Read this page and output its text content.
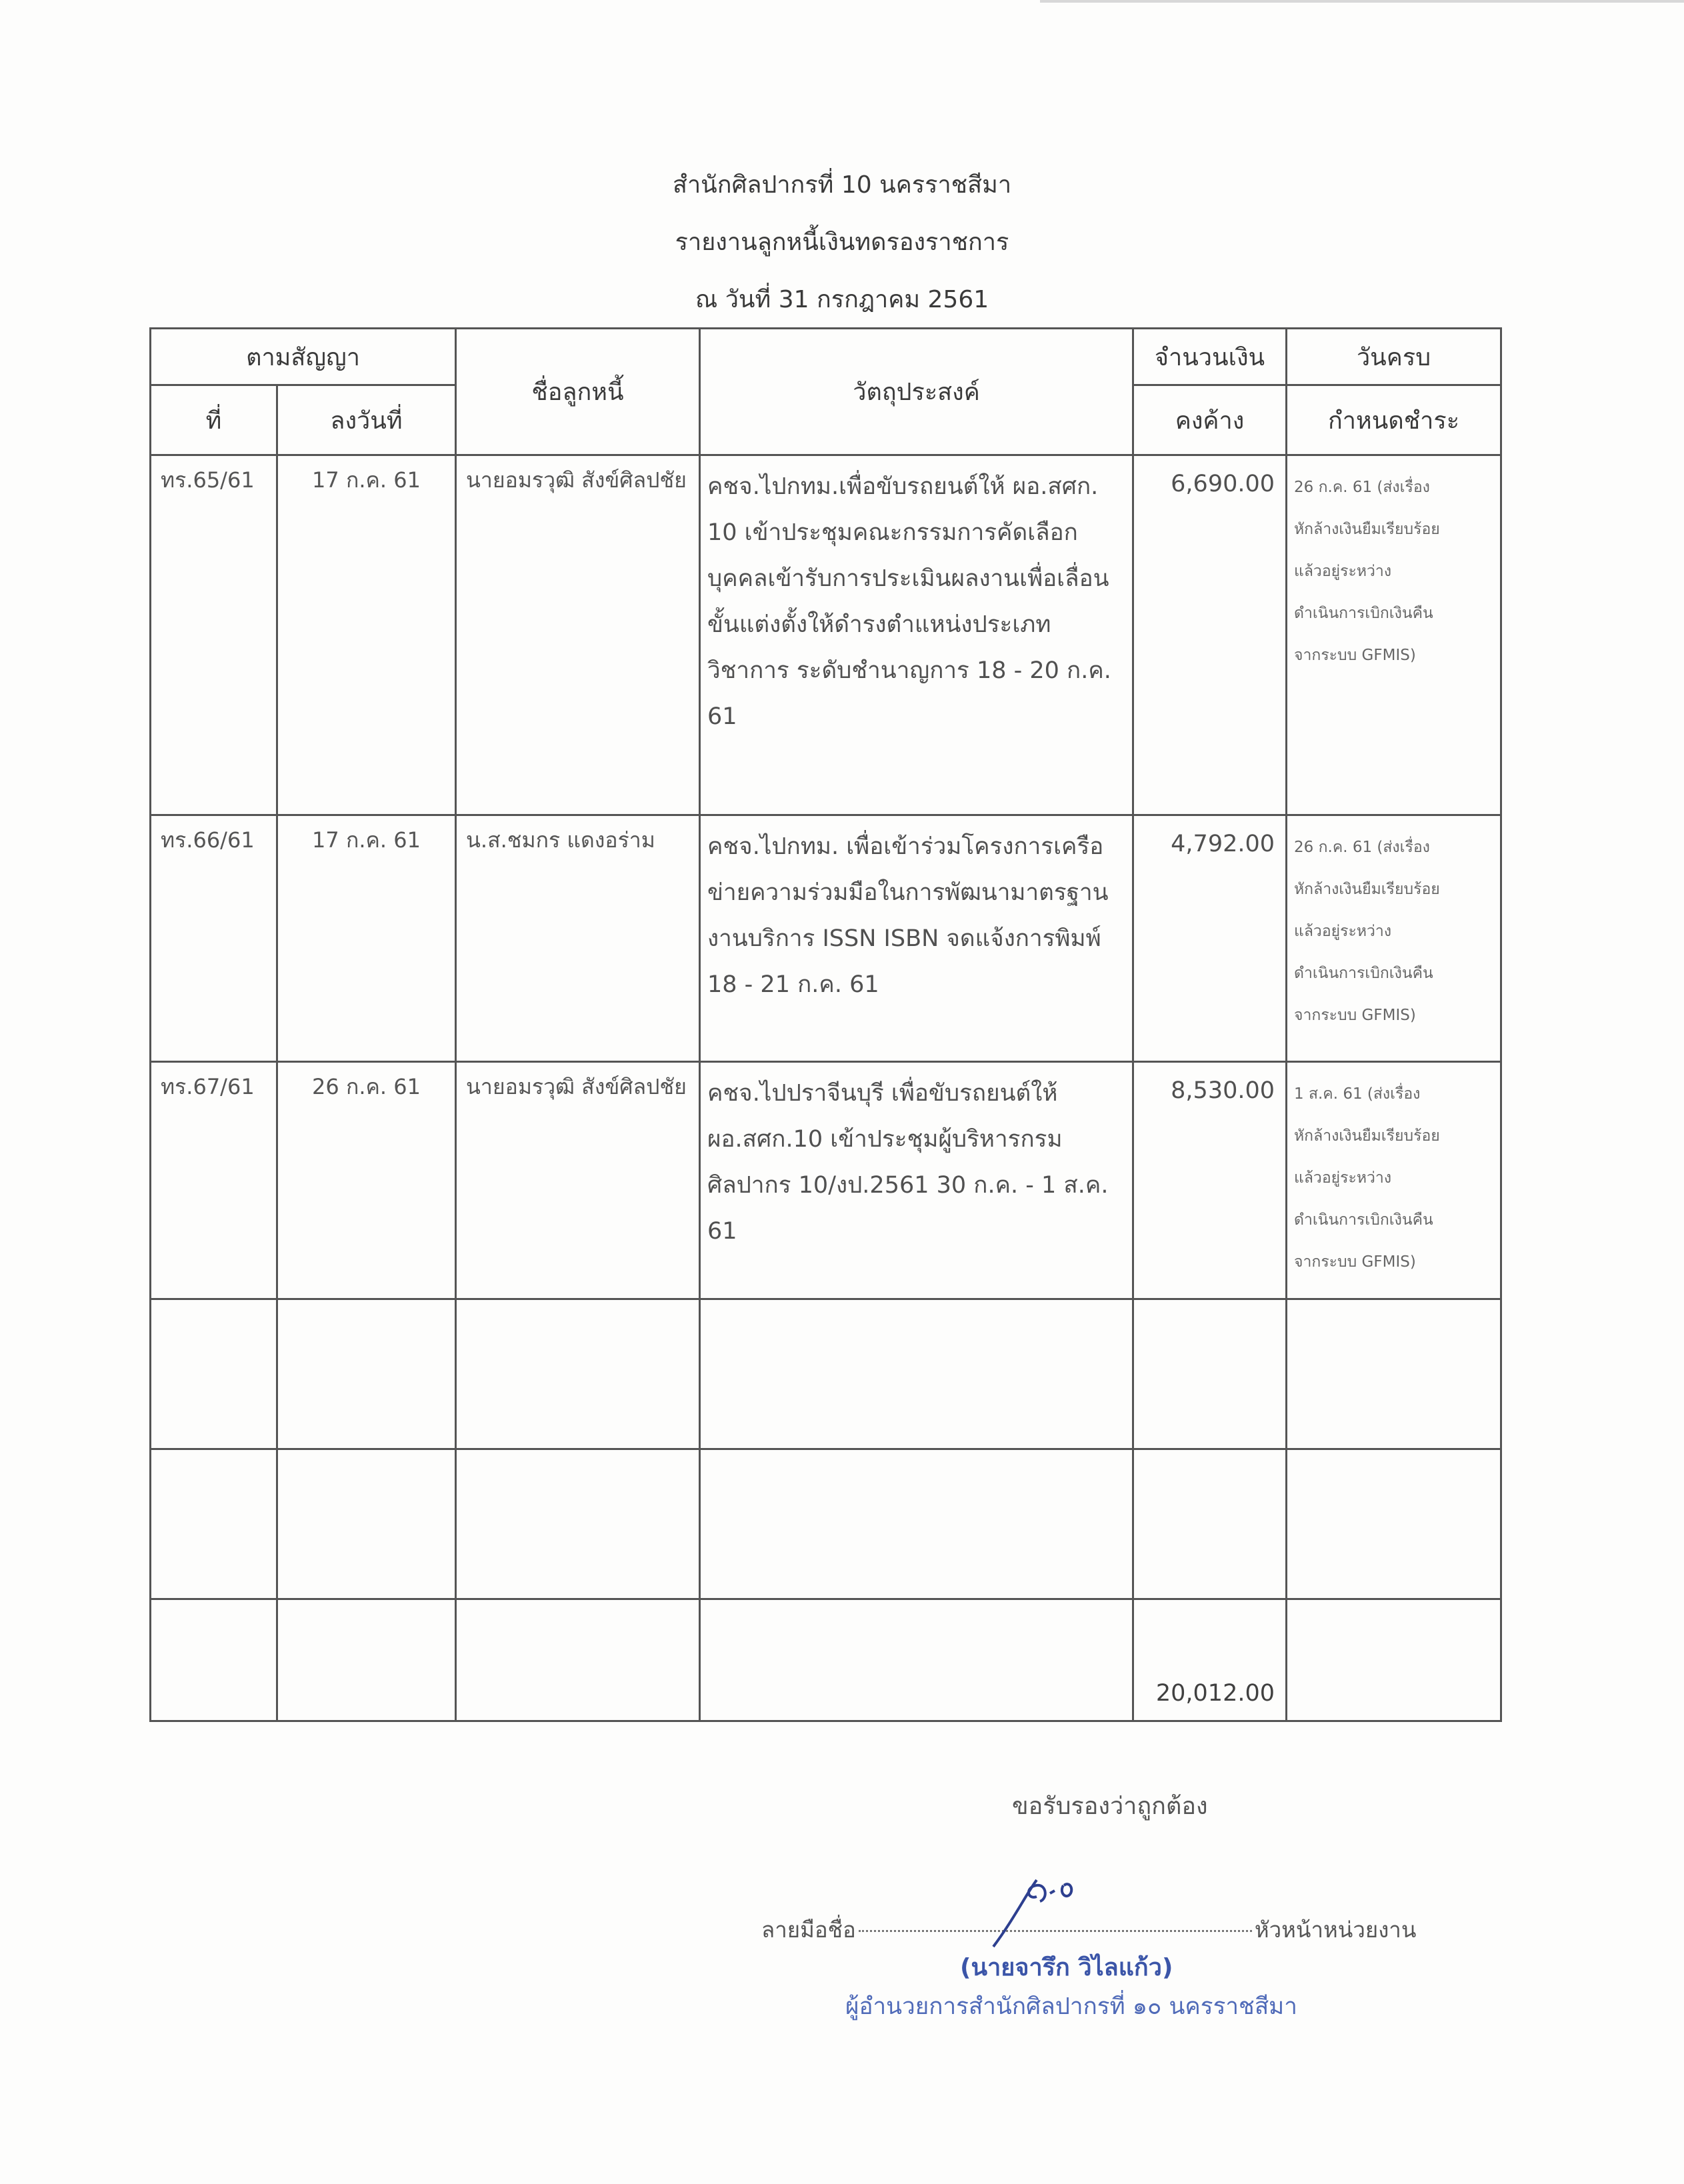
สำนักศิลปากรที่ 10 นครราชสีมา
รายงานลูกหนี้เงินทดรองราชการ
ณ วันที่ 31 กรกฎาคม 2561
ตามสัญญา		ชื่อลูกหนี้	วัตถุประสงค์	จำนวนเงิน	วันครบ
ที่	ลงวันที่			คงค้าง	กำหนดชำระ

ทร.65/61	17 ก.ค. 61	นายอมรวุฒิ สังข์ศิลปชัย	คชจ.ไปกทม.เพื่อขับรถยนต์ให้ ผอ.สศก. 10 เข้าประชุมคณะกรรมการคัดเลือกบุคคลเข้ารับการประเมินผลงานเพื่อเลื่อนขั้นแต่งตั้งให้ดำรงตำแหน่งประเภทวิชาการ ระดับชำนาญการ 18 - 20 ก.ค. 61	6,690.00	26 ก.ค. 61 (ส่งเรื่อง
หักล้างเงินยืมเรียบร้อย
แล้วอยู่ระหว่าง
ดำเนินการเบิกเงินคืน
จากระบบ GFMIS)

ทร.66/61	17 ก.ค. 61	น.ส.ชมกร แดงอร่าม	คชจ.ไปกทม. เพื่อเข้าร่วมโครงการเครือข่ายความร่วมมือในการพัฒนามาตรฐานงานบริการ ISSN ISBN จดแจ้งการพิมพ์ 18 - 21 ก.ค. 61	4,792.00	26 ก.ค. 61 (ส่งเรื่อง
หักล้างเงินยืมเรียบร้อย
แล้วอยู่ระหว่าง
ดำเนินการเบิกเงินคืน
จากระบบ GFMIS)

ทร.67/61	26 ก.ค. 61	นายอมรวุฒิ สังข์ศิลปชัย	คชจ.ไปปราจีนบุรี เพื่อขับรถยนต์ให้ ผอ.สศก.10 เข้าประชุมผู้บริหารกรมศิลปากร 10/งป.2561 30 ก.ค. - 1 ส.ค. 61	8,530.00	1 ส.ค. 61 (ส่งเรื่อง
หักล้างเงินยืมเรียบร้อย
แล้วอยู่ระหว่าง
ดำเนินการเบิกเงินคืน
จากระบบ GFMIS)

				20,012.00	

ขอรับรองว่าถูกต้อง
ลายมือชื่อ	หัวหน้าหน่วยงาน
(นายจารึก วิไลแก้ว)
ผู้อำนวยการสำนักศิลปากรที่ ๑๐ นครราชสีมา
